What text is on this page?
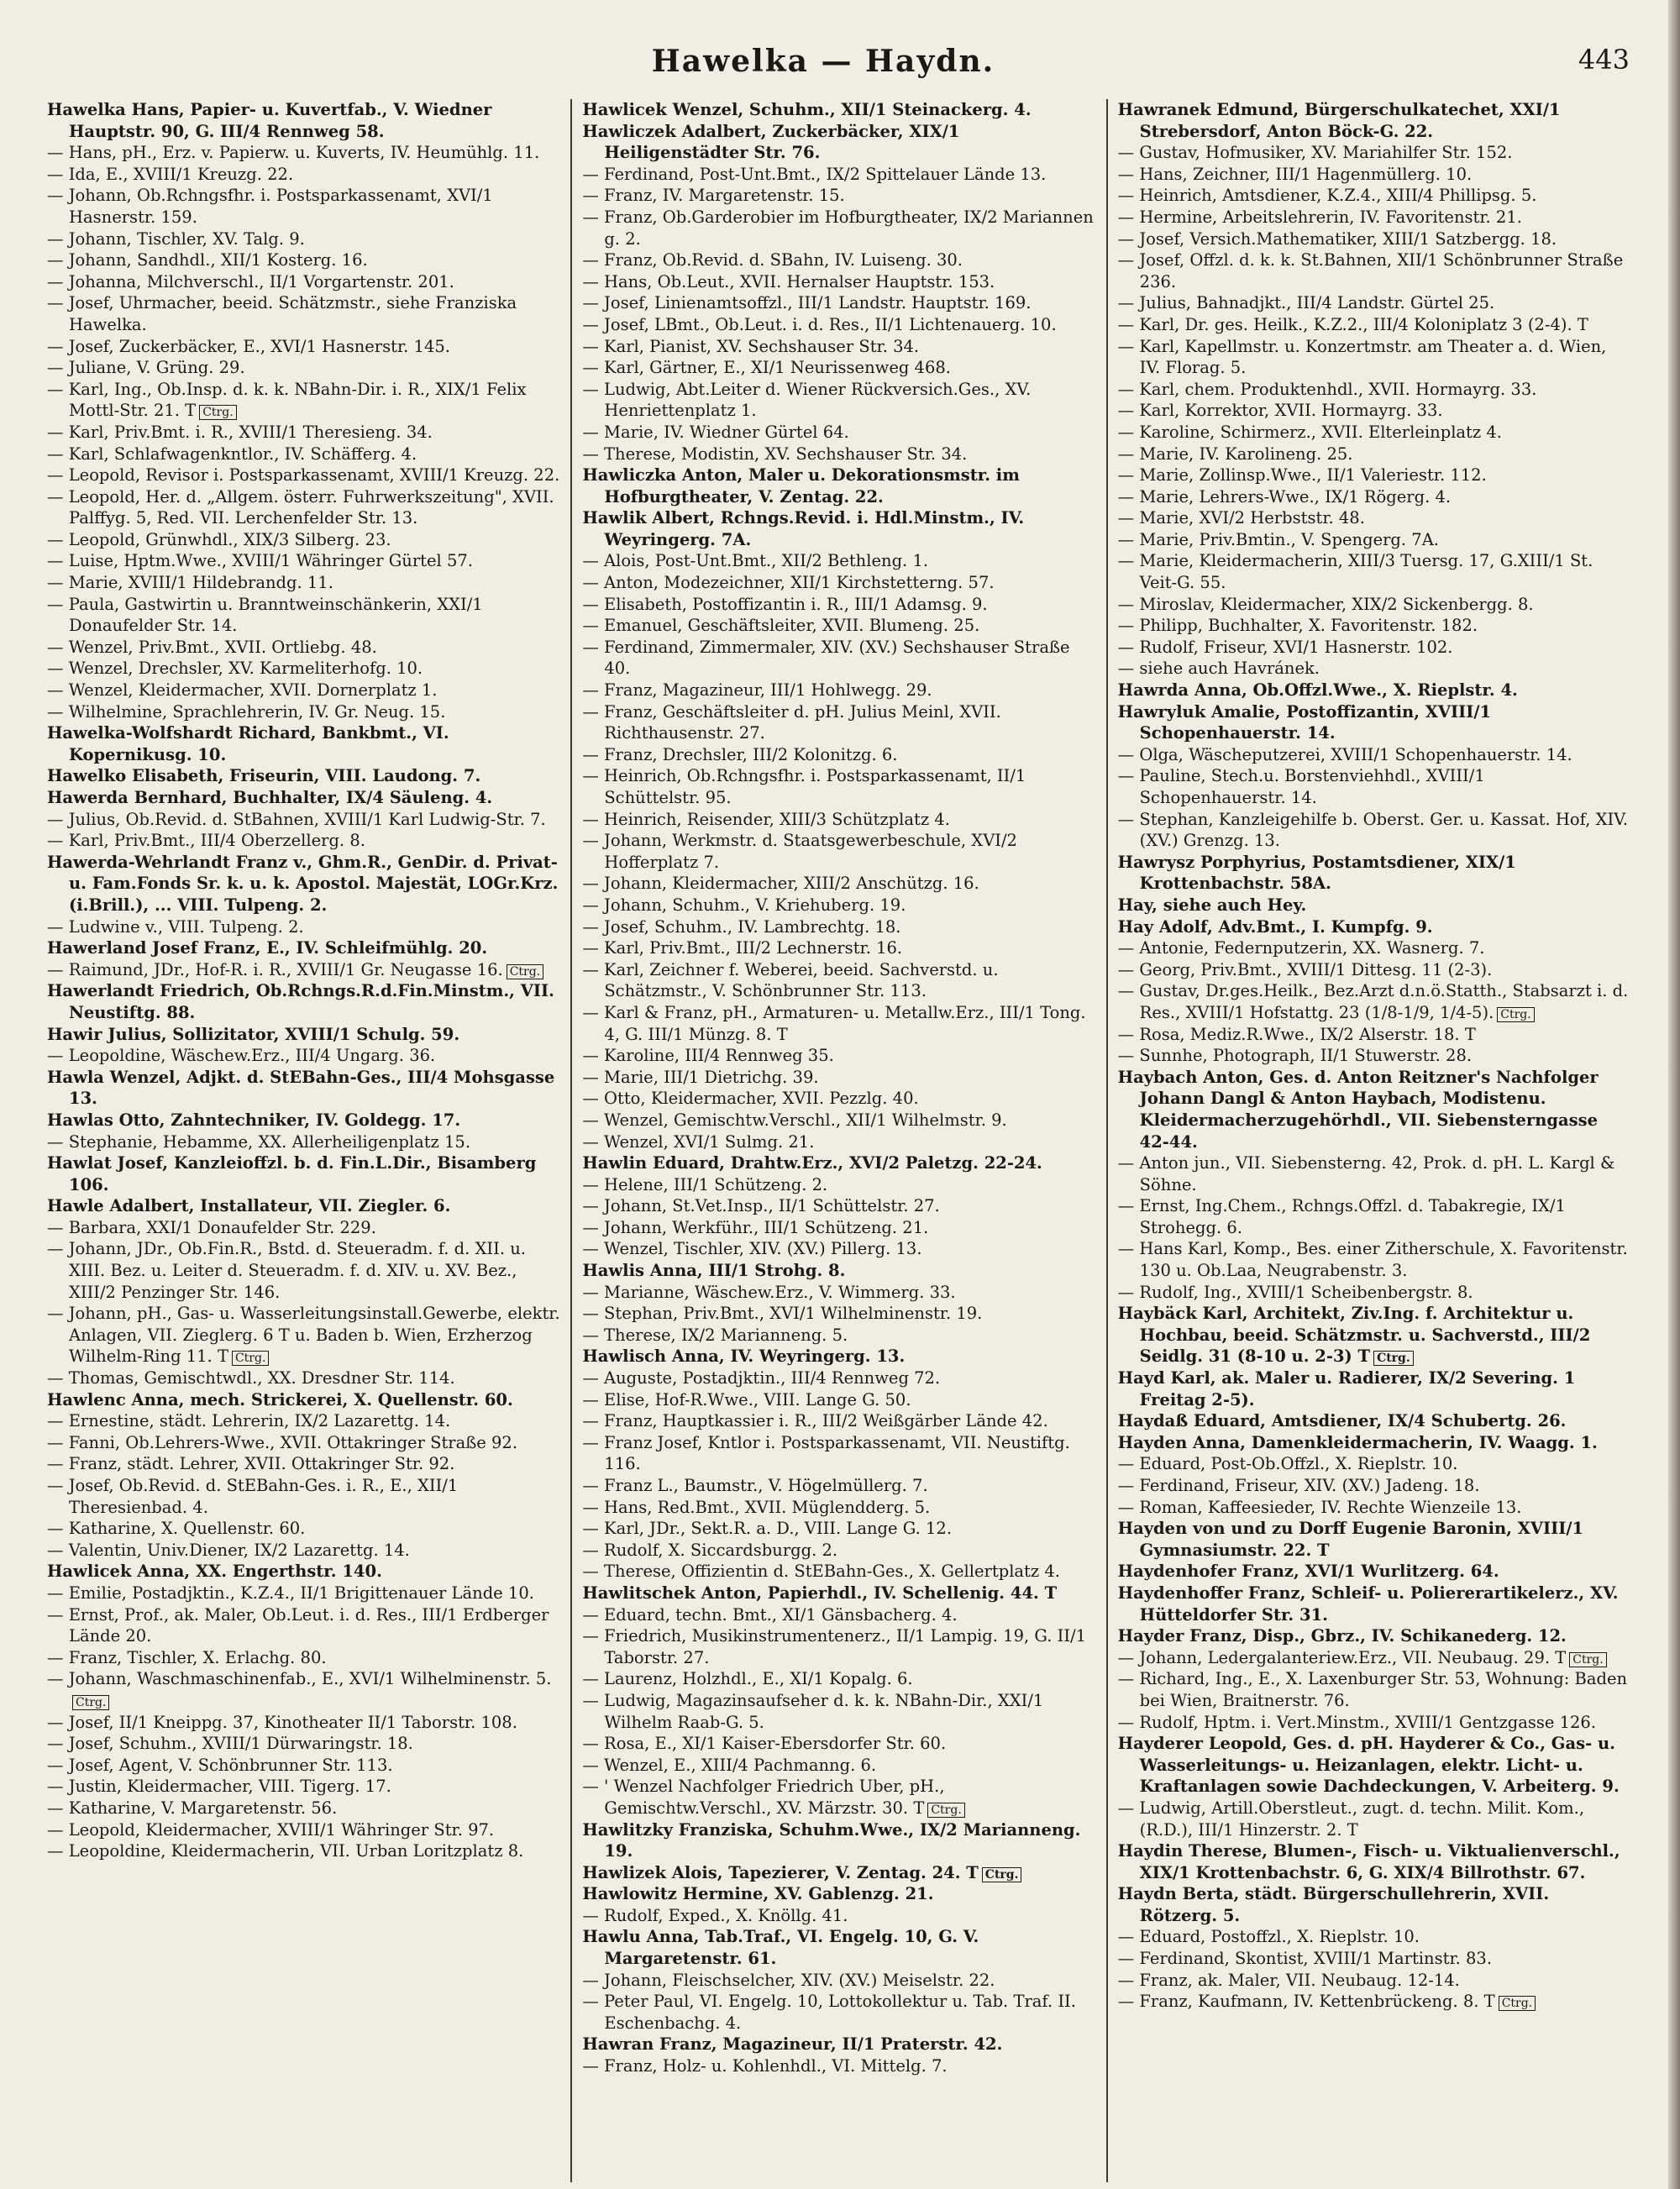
Hawelka — Haydn.	443

Hawelka Hans, Papier- u. Kuvertfab., V. Wiedner Hauptstr. 90, G. III/4 Rennweg 58.

— Hans, pH., Erz. v. Papierw. u. Kuverts, IV. Heumühlg. 11.

— Ida, E., XVIII/1 Kreuzg. 22.

— Johann, Ob.Rchngsfhr. i. Postsparkassenamt, XVI/1 Hasnerstr. 159.

— Johann, Tischler, XV. Talg. 9.

— Johann, Sandhdl., XII/1 Kosterg. 16.

— Johanna, Milchverschl., II/1 Vorgartenstr. 201.

— Josef, Uhrmacher, beeid. Schätzmstr., siehe Franziska Hawelka.

— Josef, Zuckerbäcker, E., XVI/1 Hasnerstr. 145.

— Juliane, V. Grüng. 29.

— Karl, Ing., Ob.Insp. d. k. k. NBahn-Dir. i. R., XIX/1 Felix Mottl-Str. 21. T Ctrg.

— Karl, Priv.Bmt. i. R., XVIII/1 Theresieng. 34.

— Karl, Schlafwagenkntlor., IV. Schäfferg. 4.

— Leopold, Revisor i. Postsparkassenamt, XVIII/1 Kreuzg. 22.

— Leopold, Her. d. „Allgem. österr. Fuhrwerkszeitung", XVII. Palffyg. 5, Red. VII. Lerchenfelder Str. 13.

— Leopold, Grünwhdl., XIX/3 Silberg. 23.

— Luise, Hptm.Wwe., XVIII/1 Währinger Gürtel 57.

— Marie, XVIII/1 Hildebrandg. 11.

— Paula, Gastwirtin u. Branntweinschänkerin, XXI/1 Donaufelder Str. 14.

— Wenzel, Priv.Bmt., XVII. Ortliebg. 48.

— Wenzel, Drechsler, XV. Karmeliterhofg. 10.

— Wenzel, Kleidermacher, XVII. Dornerplatz 1.

— Wilhelmine, Sprachlehrerin, IV. Gr. Neug. 15.

Hawelka-Wolfshardt Richard, Bankbmt., VI. Kopernikusg. 10.

Hawelko Elisabeth, Friseurin, VIII. Laudong. 7.

Hawerda Bernhard, Buchhalter, IX/4 Säuleng. 4.

— Julius, Ob.Revid. d. StBahnen, XVIII/1 Karl Ludwig-Str. 7.

— Karl, Priv.Bmt., III/4 Oberzellerg. 8.

Hawerda-Wehrlandt Franz v., Ghm.R., GenDir. d. Privat- u. Fam.Fonds Sr. k. u. k. Apostol. Majestät, LOGr.Krz. (i.Brill.), ... VIII. Tulpeng. 2.

— Ludwine v., VIII. Tulpeng. 2.

Hawerland Josef Franz, E., IV. Schleifmühlg. 20.

— Raimund, JDr., Hof-R. i. R., XVIII/1 Gr. Neugasse 16. Ctrg.

Hawerlandt Friedrich, Ob.Rchngs.R.d.Fin.Minstm., VII. Neustiftg. 88.

Hawir Julius, Sollizitator, XVIII/1 Schulg. 59.

— Leopoldine, Wäschew.Erz., III/4 Ungarg. 36.

Hawla Wenzel, Adjkt. d. StEBahn-Ges., III/4 Mohsgasse 13.

Hawlas Otto, Zahntechniker, IV. Goldegg. 17.

— Stephanie, Hebamme, XX. Allerheiligenplatz 15.

Hawlat Josef, Kanzleioffzl. b. d. Fin.L.Dir., Bisamberg 106.

Hawle Adalbert, Installateur, VII. Ziegler. 6.

— Barbara, XXI/1 Donaufelder Str. 229.

— Johann, JDr., Ob.Fin.R., Bstd. d. Steueradm. f. d. XII. u. XIII. Bez. u. Leiter d. Steueradm. f. d. XIV. u. XV. Bez., XIII/2 Penzinger Str. 146.

— Johann, pH., Gas- u. Wasserleitungsinstall.Gewerbe, elektr. Anlagen, VII. Zieglerg. 6 T u. Baden b. Wien, Erzherzog Wilhelm-Ring 11. T Ctrg.

— Thomas, Gemischtwdl., XX. Dresdner Str. 114.

Hawlenc Anna, mech. Strickerei, X. Quellenstr. 60.

— Ernestine, städt. Lehrerin, IX/2 Lazarettg. 14.

— Fanni, Ob.Lehrers-Wwe., XVII. Ottakringer Straße 92.

— Franz, städt. Lehrer, XVII. Ottakringer Str. 92.

— Josef, Ob.Revid. d. StEBahn-Ges. i. R., E., XII/1 Theresienbad. 4.

— Katharine, X. Quellenstr. 60.

— Valentin, Univ.Diener, IX/2 Lazarettg. 14.

Hawlicek Anna, XX. Engerthstr. 140.

— Emilie, Postadjktin., K.Z.4., II/1 Brigittenauer Lände 10.

— Ernst, Prof., ak. Maler, Ob.Leut. i. d. Res., III/1 Erdberger Lände 20.

— Franz, Tischler, X. Erlachg. 80.

— Johann, Waschmaschinenfab., E., XVI/1 Wilhelminenstr. 5.Ctrg.

— Josef, II/1 Kneippg. 37, Kinotheater II/1 Taborstr. 108.

— Josef, Schuhm., XVIII/1 Dürwaringstr. 18.

— Josef, Agent, V. Schönbrunner Str. 113.

— Justin, Kleidermacher, VIII. Tigerg. 17.

— Katharine, V. Margaretenstr. 56.

— Leopold, Kleidermacher, XVIII/1 Währinger Str. 97.

— Leopoldine, Kleidermacherin, VII. Urban Loritzplatz 8.

Hawlicek Wenzel, Schuhm., XII/1 Steinackerg. 4.

Hawliczek Adalbert, Zuckerbäcker, XIX/1 Heiligenstädter Str. 76.

— Ferdinand, Post-Unt.Bmt., IX/2 Spittelauer Lände 13.

— Franz, IV. Margaretenstr. 15.

— Franz, Ob.Garderobier im Hofburgtheater, IX/2 Mariannen g. 2.

— Franz, Ob.Revid. d. SBahn, IV. Luiseng. 30.

— Hans, Ob.Leut., XVII. Hernalser Hauptstr. 153.

— Josef, Linienamtsoffzl., III/1 Landstr. Hauptstr. 169.

— Josef, LBmt., Ob.Leut. i. d. Res., II/1 Lichtenauerg. 10.

— Karl, Pianist, XV. Sechshauser Str. 34.

— Karl, Gärtner, E., XI/1 Neurissenweg 468.

— Ludwig, Abt.Leiter d. Wiener Rückversich.Ges., XV. Henriettenplatz 1.

— Marie, IV. Wiedner Gürtel 64.

— Therese, Modistin, XV. Sechshauser Str. 34.

Hawliczka Anton, Maler u. Dekorationsmstr. im Hofburgtheater, V. Zentag. 22.

Hawlik Albert, Rchngs.Revid. i. Hdl.Minstm., IV. Weyringerg. 7A.

— Alois, Post-Unt.Bmt., XII/2 Bethleng. 1.

— Anton, Modezeichner, XII/1 Kirchstetterng. 57.

— Elisabeth, Postoffizantin i. R., III/1 Adamsg. 9.

— Emanuel, Geschäftsleiter, XVII. Blumeng. 25.

— Ferdinand, Zimmermaler, XIV. (XV.) Sechshauser Straße 40.

— Franz, Magazineur, III/1 Hohlwegg. 29.

— Franz, Geschäftsleiter d. pH. Julius Meinl, XVII. Richthausenstr. 27.

— Franz, Drechsler, III/2 Kolonitzg. 6.

— Heinrich, Ob.Rchngsfhr. i. Postsparkassenamt, II/1 Schüttelstr. 95.

— Heinrich, Reisender, XIII/3 Schützplatz 4.

— Johann, Werkmstr. d. Staatsgewerbeschule, XVI/2 Hofferplatz 7.

— Johann, Kleidermacher, XIII/2 Anschützg. 16.

— Johann, Schuhm., V. Kriehuberg. 19.

— Josef, Schuhm., IV. Lambrechtg. 18.

— Karl, Priv.Bmt., III/2 Lechnerstr. 16.

— Karl, Zeichner f. Weberei, beeid. Sachverstd. u. Schätzmstr., V. Schönbrunner Str. 113.

— Karl & Franz, pH., Armaturen- u. Metallw.Erz., III/1 Tong. 4, G. III/1 Münzg. 8. T

— Karoline, III/4 Rennweg 35.

— Marie, III/1 Dietrichg. 39.

— Otto, Kleidermacher, XVII. Pezzlg. 40.

— Wenzel, Gemischtw.Verschl., XII/1 Wilhelmstr. 9.

— Wenzel, XVI/1 Sulmg. 21.

Hawlin Eduard, Drahtw.Erz., XVI/2 Paletzg. 22-24.

— Helene, III/1 Schützeng. 2.

— Johann, St.Vet.Insp., II/1 Schüttelstr. 27.

— Johann, Werkführ., III/1 Schützeng. 21.

— Wenzel, Tischler, XIV. (XV.) Pillerg. 13.

Hawlis Anna, III/1 Strohg. 8.

— Marianne, Wäschew.Erz., V. Wimmerg. 33.

— Stephan, Priv.Bmt., XVI/1 Wilhelminenstr. 19.

— Therese, IX/2 Marianneng. 5.

Hawlisch Anna, IV. Weyringerg. 13.

— Auguste, Postadjktin., III/4 Rennweg 72.

— Elise, Hof-R.Wwe., VIII. Lange G. 50.

— Franz, Hauptkassier i. R., III/2 Weißgärber Lände 42.

— Franz Josef, Kntlor i. Postsparkassenamt, VII. Neustiftg. 116.

— Franz L., Baumstr., V. Högelmüllerg. 7.

— Hans, Red.Bmt., XVII. Müglendderg. 5.

— Karl, JDr., Sekt.R. a. D., VIII. Lange G. 12.

— Rudolf, X. Siccardsburgg. 2.

— Therese, Offizientin d. StEBahn-Ges., X. Gellertplatz 4.

Hawlitschek Anton, Papierhdl., IV. Schellenig. 44. T

— Eduard, techn. Bmt., XI/1 Gänsbacherg. 4.

— Friedrich, Musikinstrumentenerz., II/1 Lampig. 19, G. II/1 Taborstr. 27.

— Laurenz, Holzhdl., E., XI/1 Kopalg. 6.

— Ludwig, Magazinsaufseher d. k. k. NBahn-Dir., XXI/1 Wilhelm Raab-G. 5.

— Rosa, E., XI/1 Kaiser-Ebersdorfer Str. 60.

— Wenzel, E., XIII/4 Pachmanng. 6.

— ' Wenzel Nachfolger Friedrich Uber, pH., Gemischtw.Verschl., XV. Märzstr. 30. T Ctrg.

Hawlitzky Franziska, Schuhm.Wwe., IX/2 Marianneng. 19.

Hawlizek Alois, Tapezierer, V. Zentag. 24. T Ctrg.

Hawlowitz Hermine, XV. Gablenzg. 21.

— Rudolf, Exped., X. Knöllg. 41.

Hawlu Anna, Tab.Traf., VI. Engelg. 10, G. V. Margaretenstr. 61.

— Johann, Fleischselcher, XIV. (XV.) Meiselstr. 22.

— Peter Paul, VI. Engelg. 10, Lottokollektur u. Tab. Traf. II. Eschenbachg. 4.

Hawran Franz, Magazineur, II/1 Praterstr. 42.

— Franz, Holz- u. Kohlenhdl., VI. Mittelg. 7.

Hawranek Edmund, Bürgerschulkatechet, XXI/1 Strebersdorf, Anton Böck-G. 22.

— Gustav, Hofmusiker, XV. Mariahilfer Str. 152.

— Hans, Zeichner, III/1 Hagenmüllerg. 10.

— Heinrich, Amtsdiener, K.Z.4., XIII/4 Phillipsg. 5.

— Hermine, Arbeitslehrerin, IV. Favoritenstr. 21.

— Josef, Versich.Mathematiker, XIII/1 Satzbergg. 18.

— Josef, Offzl. d. k. k. St.Bahnen, XII/1 Schönbrunner Straße 236.

— Julius, Bahnadjkt., III/4 Landstr. Gürtel 25.

— Karl, Dr. ges. Heilk., K.Z.2., III/4 Koloniplatz 3 (2-4). T

— Karl, Kapellmstr. u. Konzertmstr. am Theater a. d. Wien, IV. Florag. 5.

— Karl, chem. Produktenhdl., XVII. Hormayrg. 33.

— Karl, Korrektor, XVII. Hormayrg. 33.

— Karoline, Schirmerz., XVII. Elterleinplatz 4.

— Marie, IV. Karolineng. 25.

— Marie, Zollinsp.Wwe., II/1 Valeriestr. 112.

— Marie, Lehrers-Wwe., IX/1 Rögerg. 4.

— Marie, XVI/2 Herbststr. 48.

— Marie, Priv.Bmtin., V. Spengerg. 7A.

— Marie, Kleidermacherin, XIII/3 Tuersg. 17, G.XIII/1 St. Veit-G. 55.

— Miroslav, Kleidermacher, XIX/2 Sickenbergg. 8.

— Philipp, Buchhalter, X. Favoritenstr. 182.

— Rudolf, Friseur, XVI/1 Hasnerstr. 102.

— siehe auch Havránek.

Hawrda Anna, Ob.Offzl.Wwe., X. Rieplstr. 4.

Hawryluk Amalie, Postoffizantin, XVIII/1 Schopenhauerstr. 14.

— Olga, Wäscheputzerei, XVIII/1 Schopenhauerstr. 14.

— Pauline, Stech.u. Borstenviehhdl., XVIII/1 Schopenhauerstr. 14.

— Stephan, Kanzleigehilfe b. Oberst. Ger. u. Kassat. Hof, XIV. (XV.) Grenzg. 13.

Hawrysz Porphyrius, Postamtsdiener, XIX/1 Krottenbachstr. 58A.

Hay, siehe auch Hey.

Hay Adolf, Adv.Bmt., I. Kumpfg. 9.

— Antonie, Federnputzerin, XX. Wasnerg. 7.

— Georg, Priv.Bmt., XVIII/1 Dittesg. 11 (2-3).

— Gustav, Dr.ges.Heilk., Bez.Arzt d.n.ö.Statth., Stabsarzt i. d. Res., XVIII/1 Hofstattg. 23 (1/8-1/9, 1/4-5). Ctrg.

— Rosa, Mediz.R.Wwe., IX/2 Alserstr. 18. T

— Sunnhe, Photograph, II/1 Stuwerstr. 28.

Haybach Anton, Ges. d. Anton Reitzner's Nachfolger Johann Dangl & Anton Haybach, Modistenu. Kleidermacherzugehörhdl., VII. Siebensterngasse 42-44.

— Anton jun., VII. Siebensterng. 42, Prok. d. pH. L. Kargl & Söhne.

— Ernst, Ing.Chem., Rchngs.Offzl. d. Tabakregie, IX/1 Strohegg. 6.

— Hans Karl, Komp., Bes. einer Zitherschule, X. Favoritenstr. 130 u. Ob.Laa, Neugrabenstr. 3.

— Rudolf, Ing., XVIII/1 Scheibenbergstr. 8.

Haybäck Karl, Architekt, Ziv.Ing. f. Architektur u. Hochbau, beeid. Schätzmstr. u. Sachverstd., III/2 Seidlg. 31 (8-10 u. 2-3) T Ctrg.

Hayd Karl, ak. Maler u. Radierer, IX/2 Severing. 1 Freitag 2-5).

Haydaß Eduard, Amtsdiener, IX/4 Schubertg. 26.

Hayden Anna, Damenkleidermacherin, IV. Waagg. 1.

— Eduard, Post-Ob.Offzl., X. Rieplstr. 10.

— Ferdinand, Friseur, XIV. (XV.) Jadeng. 18.

— Roman, Kaffeesieder, IV. Rechte Wienzeile 13.

Hayden von und zu Dorff Eugenie Baronin, XVIII/1 Gymnasiumstr. 22. T

Haydenhofer Franz, XVI/1 Wurlitzerg. 64.

Haydenhoffer Franz, Schleif- u. Poliererartikelerz., XV. Hütteldorfer Str. 31.

Hayder Franz, Disp., Gbrz., IV. Schikanederg. 12.

— Johann, Ledergalanteriew.Erz., VII. Neubaug. 29. T Ctrg.

— Richard, Ing., E., X. Laxenburger Str. 53, Wohnung: Baden bei Wien, Braitnerstr. 76.

— Rudolf, Hptm. i. Vert.Minstm., XVIII/1 Gentzgasse 126.

Hayderer Leopold, Ges. d. pH. Hayderer & Co., Gas- u. Wasserleitungs- u. Heizanlagen, elektr. Licht- u. Kraftanlagen sowie Dachdeckungen, V. Arbeiterg. 9.

— Ludwig, Artill.Oberstleut., zugt. d. techn. Milit. Kom., (R.D.), III/1 Hinzerstr. 2. T

Haydin Therese, Blumen-, Fisch- u. Viktualienverschl., XIX/1 Krottenbachstr. 6, G. XIX/4 Billrothstr. 67.

Haydn Berta, städt. Bürgerschullehrerin, XVII. Rötzerg. 5.

— Eduard, Postoffzl., X. Rieplstr. 10.

— Ferdinand, Skontist, XVIII/1 Martinstr. 83.

— Franz, ak. Maler, VII. Neubaug. 12-14.

— Franz, Kaufmann, IV. Kettenbrückeng. 8. T Ctrg.
